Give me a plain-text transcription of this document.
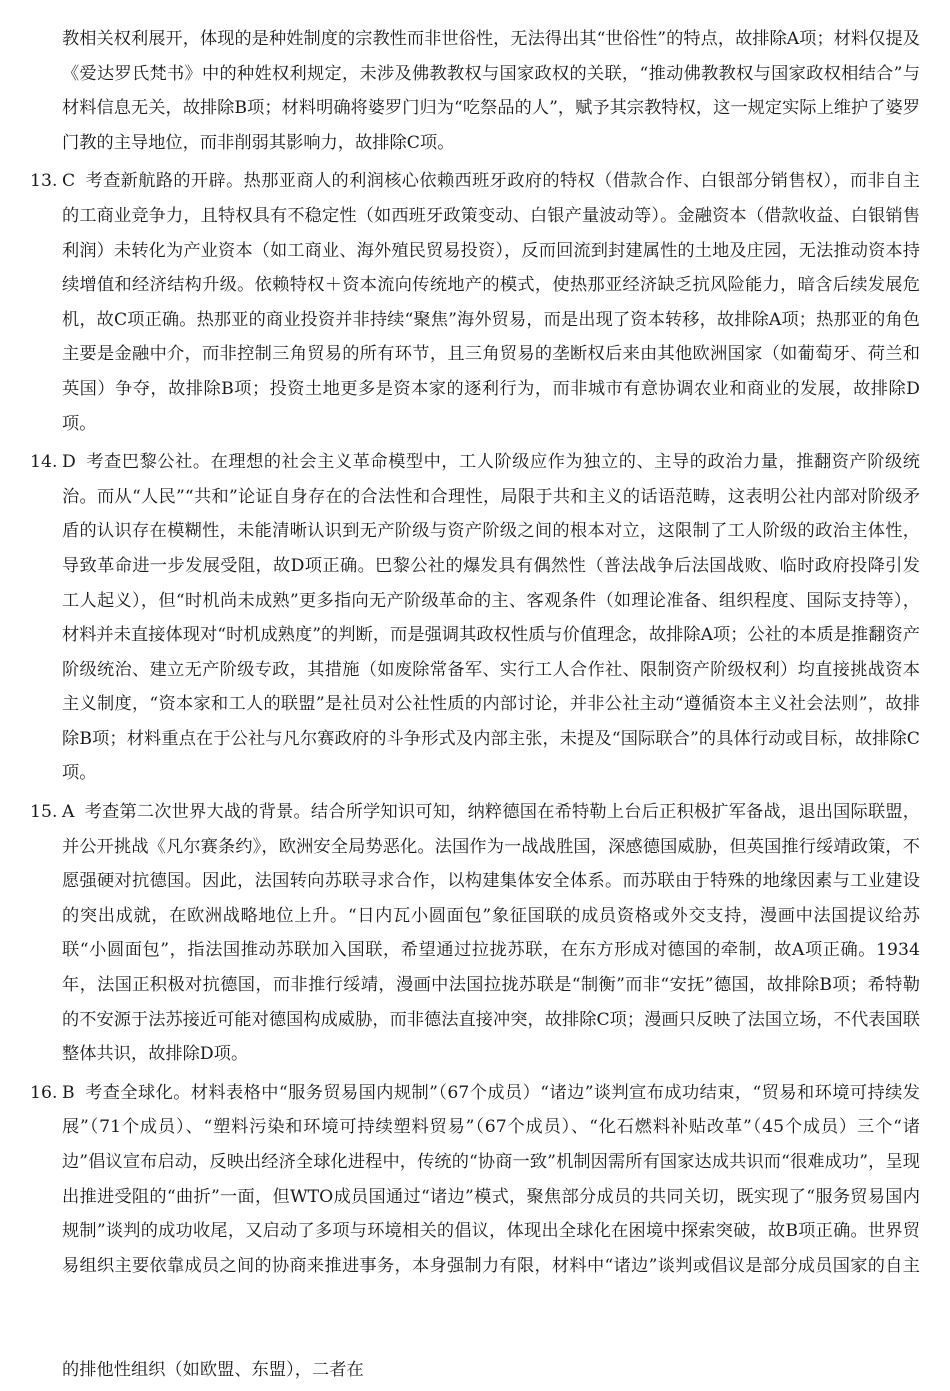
教相关权利展开，体现的是种姓制度的宗教性而非世俗性，无法得出其“世俗性”的特点，故排除A项；材料仅提及《爱达罗氏梵书》中的种姓权利规定，未涉及佛教教权与国家政权的关联，“推动佛教教权与国家政权相结合”与材料信息无关，故排除B项；材料明确将婆罗门归为“吃祭品的人”，赋予其宗教特权，这一规定实际上维护了婆罗门教的主导地位，而非削弱其影响力，故排除C项。

13. C 考查新航路的开辟。热那亚商人的利润核心依赖西班牙政府的特权（借款合作、白银部分销售权），而非自主的工商业竞争力，且特权具有不稳定性（如西班牙政策变动、白银产量波动等）。金融资本（借款收益、白银销售利润）未转化为产业资本（如工商业、海外殖民贸易投资），反而回流到封建属性的土地及庄园，无法推动资本持续增值和经济结构升级。依赖特权＋资本流向传统地产的模式，使热那亚经济缺乏抗风险能力，暗含后续发展危机，故C项正确。热那亚的商业投资并非持续“聚焦”海外贸易，而是出现了资本转移，故排除A项；热那亚的角色主要是金融中介，而非控制三角贸易的所有环节，且三角贸易的垄断权后来由其他欧洲国家（如葡萄牙、荷兰和英国）争夺，故排除B项；投资土地更多是资本家的逐利行为，而非城市有意协调农业和商业的发展，故排除D项。

14. D 考查巴黎公社。在理想的社会主义革命模型中，工人阶级应作为独立的、主导的政治力量，推翻资产阶级统治。而从“人民”“共和”论证自身存在的合法性和合理性，局限于共和主义的话语范畴，这表明公社内部对阶级矛盾的认识存在模糊性，未能清晰认识到无产阶级与资产阶级之间的根本对立，这限制了工人阶级的政治主体性，导致革命进一步发展受阻，故D项正确。巴黎公社的爆发具有偶然性（普法战争后法国战败、临时政府投降引发工人起义），但“时机尚未成熟”更多指向无产阶级革命的主、客观条件（如理论准备、组织程度、国际支持等），材料并未直接体现对“时机成熟度”的判断，而是强调其政权性质与价值理念，故排除A项；公社的本质是推翻资产阶级统治、建立无产阶级专政，其措施（如废除常备军、实行工人合作社、限制资产阶级权利）均直接挑战资本主义制度，“资本家和工人的联盟”是社员对公社性质的内部讨论，并非公社主动“遵循资本主义社会法则”，故排除B项；材料重点在于公社与凡尔赛政府的斗争形式及内部主张，未提及“国际联合”的具体行动或目标，故排除C项。

15. A 考查第二次世界大战的背景。结合所学知识可知，纳粹德国在希特勒上台后正积极扩军备战，退出国际联盟，并公开挑战《凡尔赛条约》，欧洲安全局势恶化。法国作为一战战胜国，深感德国威胁，但英国推行绥靖政策，不愿强硬对抗德国。因此，法国转向苏联寻求合作，以构建集体安全体系。而苏联由于特殊的地缘因素与工业建设的突出成就，在欧洲战略地位上升。“日内瓦小圆面包”象征国联的成员资格或外交支持，漫画中法国提议给苏联“小圆面包”，指法国推动苏联加入国联，希望通过拉拢苏联，在东方形成对德国的牵制，故A项正确。1934年，法国正积极对抗德国，而非推行绥靖，漫画中法国拉拢苏联是“制衡”而非“安抚”德国，故排除B项；希特勒的不安源于法苏接近可能对德国构成威胁，而非德法直接冲突，故排除C项；漫画只反映了法国立场，不代表国联整体共识，故排除D项。

16. B 考查全球化。材料表格中“服务贸易国内规制”（67个成员）“诸边”谈判宣布成功结束，“贸易和环境可持续发展”（71个成员）、“塑料污染和环境可持续塑料贸易”（67个成员）、“化石燃料补贴改革”（45个成员）三个“诸边”倡议宣布启动，反映出经济全球化进程中，传统的“协商一致”机制因需所有国家达成共识而“很难成功”，呈现出推进受阻的“曲折”一面，但WTO成员国通过“诸边”模式，聚焦部分成员的共同关切，既实现了“服务贸易国内规制”谈判的成功收尾，又启动了多项与环境相关的倡议，体现出全球化在困境中探索突破，故B项正确。世界贸易组织主要依靠成员之间的协商来推进事务，本身强制力有限，材料中“诸边”谈判或倡议是部分成员国家的自主 的排他性组织（如欧盟、东盟），二者在
